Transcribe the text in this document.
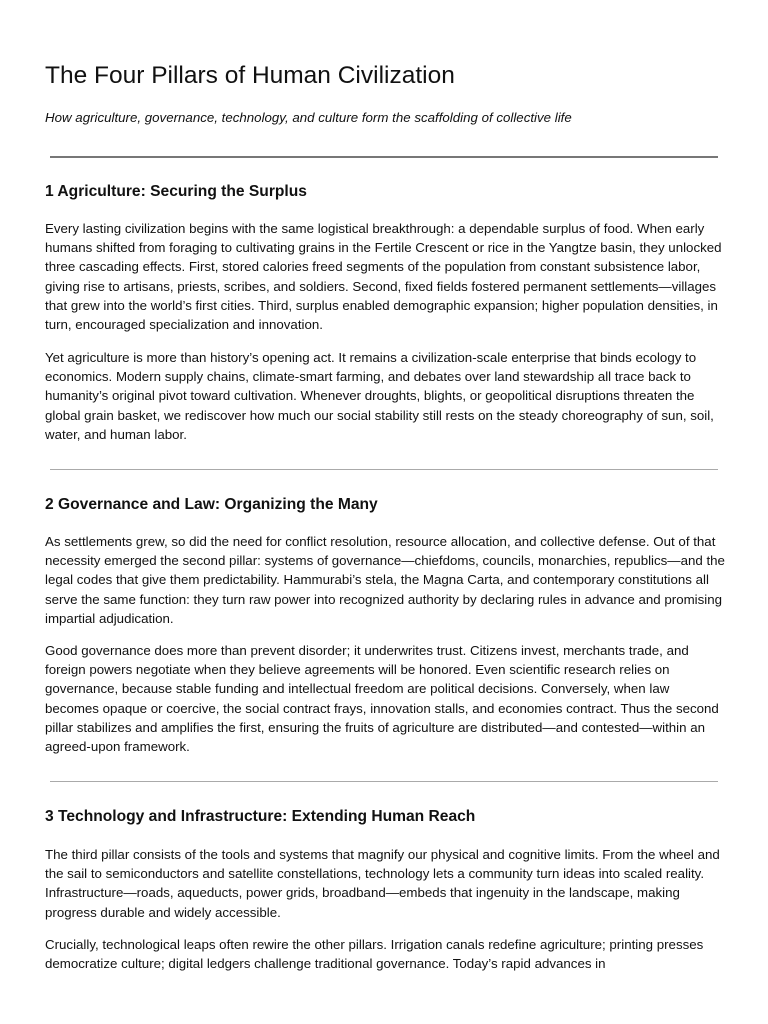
The Four Pillars of Human Civilization

How agriculture, governance, technology, and culture form the scaffolding of collective life

1 Agriculture: Securing the Surplus

Every lasting civilization begins with the same logistical breakthrough: a dependable surplus of food. When early humans shifted from foraging to cultivating grains in the Fertile Crescent or rice in the Yangtze basin, they unlocked three cascading effects. First, stored calories freed segments of the population from constant subsistence labor, giving rise to artisans, priests, scribes, and soldiers. Second, fixed fields fostered permanent settlements—villages that grew into the world’s first cities. Third, surplus enabled demographic expansion; higher population densities, in turn, encouraged specialization and innovation.

Yet agriculture is more than history’s opening act. It remains a civilization-scale enterprise that binds ecology to economics. Modern supply chains, climate-smart farming, and debates over land stewardship all trace back to humanity’s original pivot toward cultivation. Whenever droughts, blights, or geopolitical disruptions threaten the global grain basket, we rediscover how much our social stability still rests on the steady choreography of sun, soil, water, and human labor.

2 Governance and Law: Organizing the Many

As settlements grew, so did the need for conflict resolution, resource allocation, and collective defense. Out of that necessity emerged the second pillar: systems of governance—chiefdoms, councils, monarchies, republics—and the legal codes that give them predictability. Hammurabi’s stela, the Magna Carta, and contemporary constitutions all serve the same function: they turn raw power into recognized authority by declaring rules in advance and promising impartial adjudication.

Good governance does more than prevent disorder; it underwrites trust. Citizens invest, merchants trade, and foreign powers negotiate when they believe agreements will be honored. Even scientific research relies on governance, because stable funding and intellectual freedom are political decisions. Conversely, when law becomes opaque or coercive, the social contract frays, innovation stalls, and economies contract. Thus the second pillar stabilizes and amplifies the first, ensuring the fruits of agriculture are distributed—and contested—within an agreed-upon framework.

3 Technology and Infrastructure: Extending Human Reach

The third pillar consists of the tools and systems that magnify our physical and cognitive limits. From the wheel and the sail to semiconductors and satellite constellations, technology lets a community turn ideas into scaled reality. Infrastructure—roads, aqueducts, power grids, broadband—embeds that ingenuity in the landscape, making progress durable and widely accessible.

Crucially, technological leaps often rewire the other pillars. Irrigation canals redefine agriculture; printing presses democratize culture; digital ledgers challenge traditional governance. Today’s rapid advances in
